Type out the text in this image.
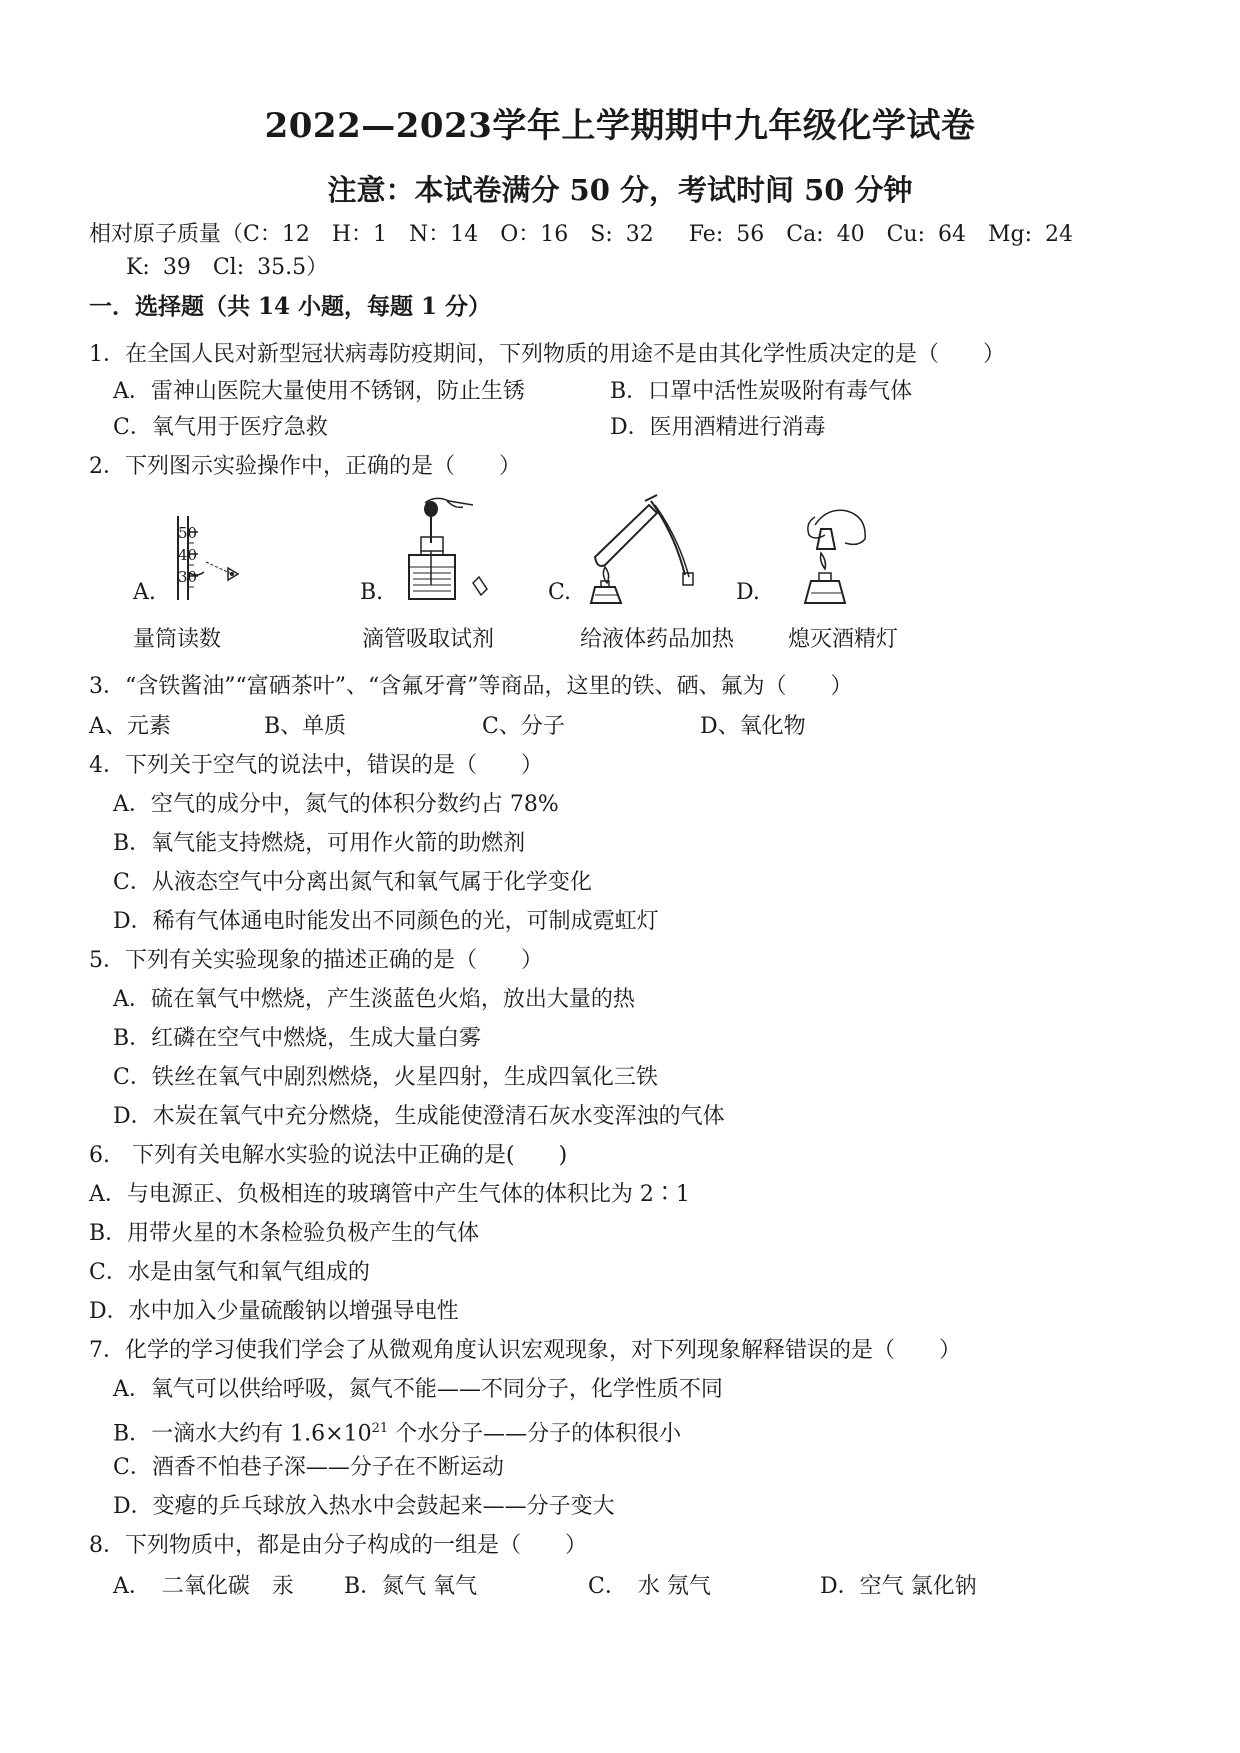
2022—2023学年上学期期中九年级化学试卷
注意：本试卷满分 50 分，考试时间 50 分钟
相对原子质量（C：12　H：1　N：14　O：16　S: 32　 Fe: 56　Ca: 40　Cu: 64　Mg: 24
K: 39　Cl: 35.5）
一．选择题（共 14 小题，每题 1 分）
1．在全国人民对新型冠状病毒防疫期间，下列物质的用途不是由其化学性质决定的是（　　）
A．雷神山医院大量使用不锈钢，防止生锈	B．口罩中活性炭吸附有毒气体
C．氧气用于医疗急救	D．医用酒精进行消毒
2．下列图示实验操作中，正确的是（　　）
50
40
30
A.	B.	C.	D.
量筒读数	滴管吸取试剂	给液体药品加热 熄灭酒精灯
3．“含铁酱油”“富硒茶叶”、“含氟牙膏”等商品，这里的铁、硒、氟为（　　）
A、元素	B、单质	C、分子	D、氧化物
4．下列关于空气的说法中，错误的是（　　）
A．空气的成分中，氮气的体积分数约占 78%
B．氧气能支持燃烧，可用作火箭的助燃剂
C．从液态空气中分离出氮气和氧气属于化学变化
D．稀有气体通电时能发出不同颜色的光，可制成霓虹灯
5．下列有关实验现象的描述正确的是（　　）
A．硫在氧气中燃烧，产生淡蓝色火焰，放出大量的热
B．红磷在空气中燃烧，生成大量白雾
C．铁丝在氧气中剧烈燃烧，火星四射，生成四氧化三铁
D．木炭在氧气中充分燃烧，生成能使澄清石灰水变浑浊的气体
6.　下列有关电解水实验的说法中正确的是(　　)
A．与电源正、负极相连的玻璃管中产生气体的体积比为 2∶1
B．用带火星的木条检验负极产生的气体
C．水是由氢气和氧气组成的
D．水中加入少量硫酸钠以增强导电性
7．化学的学习使我们学会了从微观角度认识宏观现象，对下列现象解释错误的是（　　）
A．氧气可以供给呼吸，氮气不能——不同分子，化学性质不同
B．一滴水大约有 $1.6\times 10^{21}$ 个水分子——分子的体积很小
C．酒香不怕巷子深——分子在不断运动
D．变瘪的乒乓球放入热水中会鼓起来——分子变大
8．下列物质中，都是由分子构成的一组是（　　）
A．　二氧化碳　汞 B．氮气 氧气	C．　水 氖气	D．空气 氯化钠
